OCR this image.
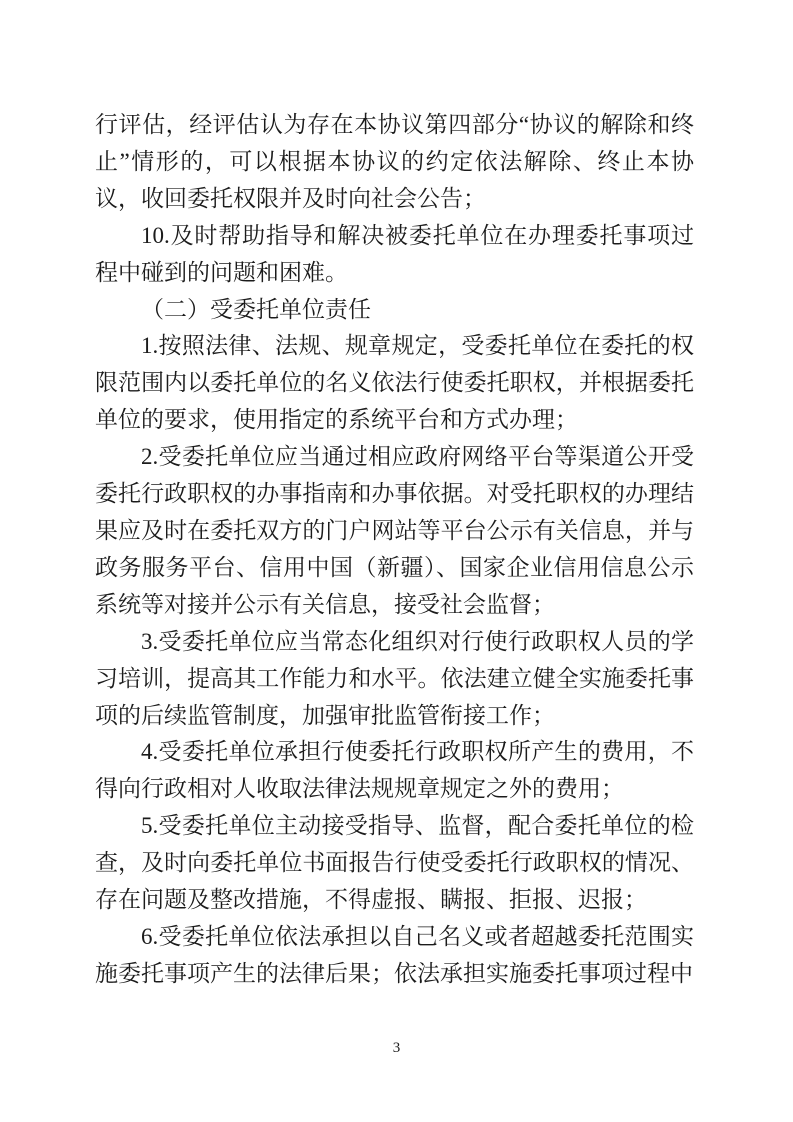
行评估，经评估认为存在本协议第四部分“协议的解除和终止”情形的，可以根据本协议的约定依法解除、终止本协议，收回委托权限并及时向社会公告；

10.及时帮助指导和解决被委托单位在办理委托事项过程中碰到的问题和困难。

（二）受委托单位责任

1.按照法律、法规、规章规定，受委托单位在委托的权限范围内以委托单位的名义依法行使委托职权，并根据委托单位的要求，使用指定的系统平台和方式办理；

2.受委托单位应当通过相应政府网络平台等渠道公开受委托行政职权的办事指南和办事依据。对受托职权的办理结果应及时在委托双方的门户网站等平台公示有关信息，并与政务服务平台、信用中国（新疆）、国家企业信用信息公示系统等对接并公示有关信息，接受社会监督；

3.受委托单位应当常态化组织对行使行政职权人员的学习培训，提高其工作能力和水平。依法建立健全实施委托事项的后续监管制度，加强审批监管衔接工作；

4.受委托单位承担行使委托行政职权所产生的费用，不得向行政相对人收取法律法规规章规定之外的费用；

5.受委托单位主动接受指导、监督，配合委托单位的检查，及时向委托单位书面报告行使受委托行政职权的情况、存在问题及整改措施，不得虚报、瞒报、拒报、迟报；

6.受委托单位依法承担以自己名义或者超越委托范围实施委托事项产生的法律后果；依法承担实施委托事项过程中

3
